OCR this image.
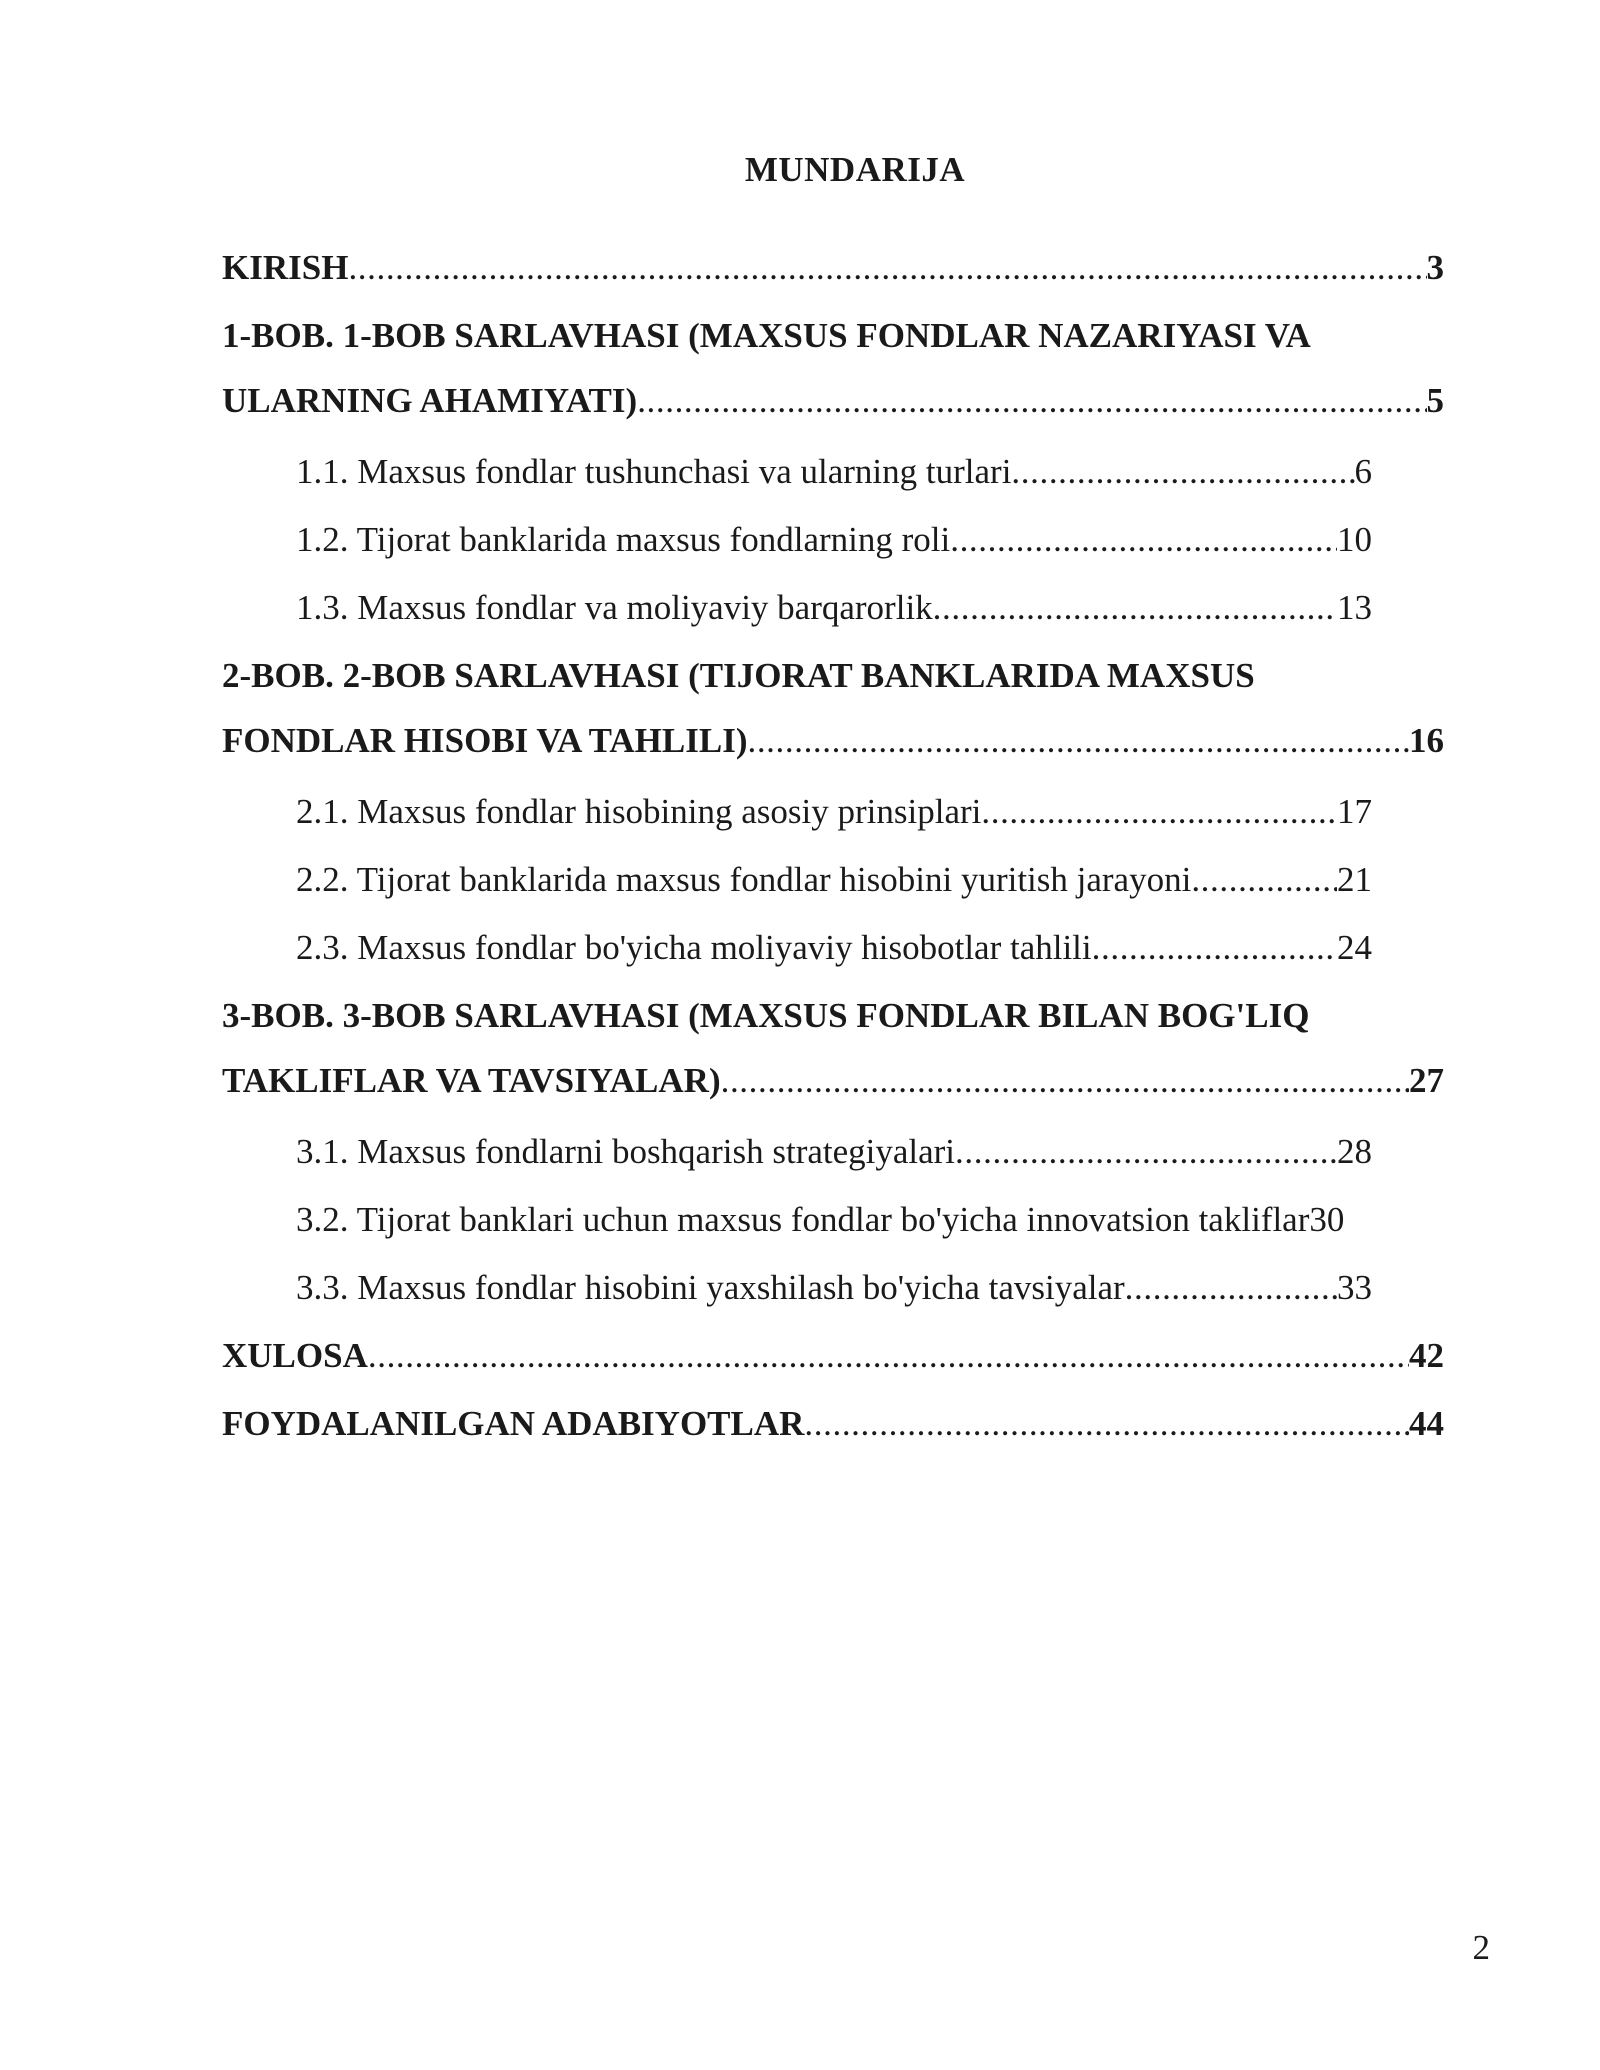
MUNDARIJA
KIRISH .....	3
1-BOB. 1-BOB SARLAVHASI (MAXSUS FONDLAR NAZARIYASI VA
ULARNING AHAMIYATI) .....	5
1.1. Maxsus fondlar tushunchasi va ularning turlari .....	6
1.2. Tijorat banklarida maxsus fondlarning roli .....	10
1.3. Maxsus fondlar va moliyaviy barqarorlik .....	13
2-BOB. 2-BOB SARLAVHASI (TIJORAT BANKLARIDA MAXSUS
FONDLAR HISOBI VA TAHLILI) .....	16
2.1. Maxsus fondlar hisobining asosiy prinsiplari .....	17
2.2. Tijorat banklarida maxsus fondlar hisobini yuritish jarayoni .....	21
2.3. Maxsus fondlar bo'yicha moliyaviy hisobotlar tahlili .....	24
3-BOB. 3-BOB SARLAVHASI (MAXSUS FONDLAR BILAN BOG'LIQ
TAKLIFLAR VA TAVSIYALAR) .....	27
3.1. Maxsus fondlarni boshqarish strategiyalari .....	28
3.2. Tijorat banklari uchun maxsus fondlar bo'yicha innovatsion takliflar 30
3.3. Maxsus fondlar hisobini yaxshilash bo'yicha tavsiyalar .....	33
XULOSA .....	42
FOYDALANILGAN ADABIYOTLAR .....	44
2
